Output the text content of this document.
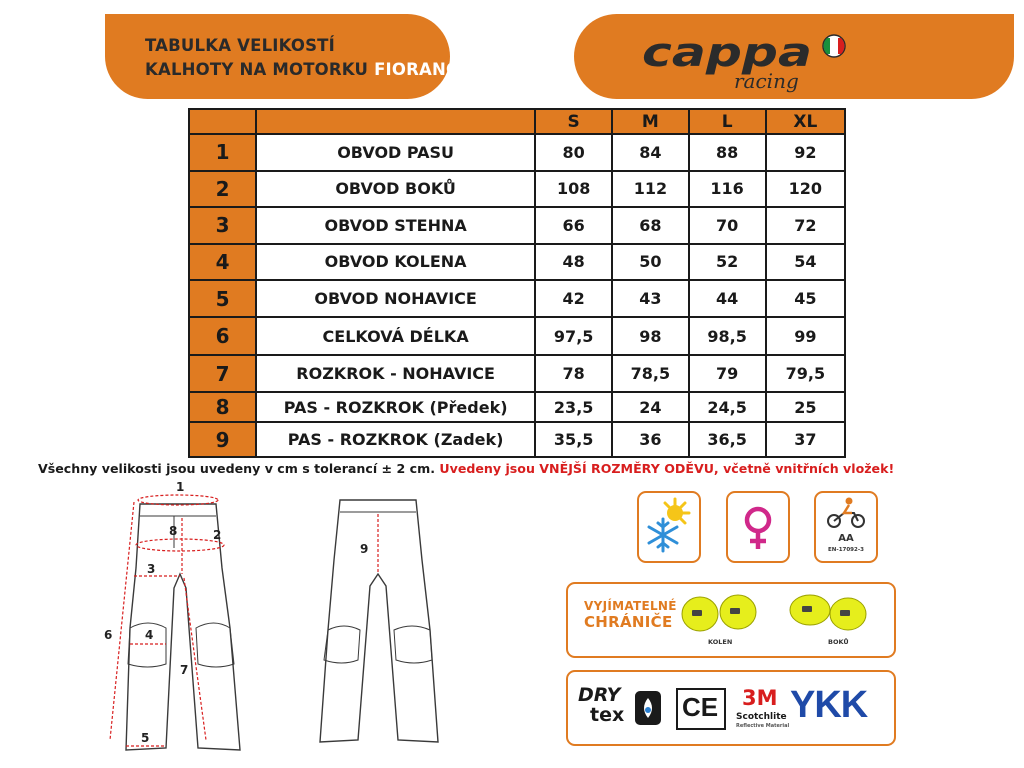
TABULKA VELIKOSTÍ
KALHOTY NA MOTORKU FIORANO	cappa
racing
		S	M	L	XL
1	OBVOD PASU	80	84	88	92
2	OBVOD BOKŮ	108	112	116	120
3	OBVOD STEHNA	66	68	70	72
4	OBVOD KOLENA	48	50	52	54
5	OBVOD NOHAVICE	42	43	44	45
6	CELKOVÁ DÉLKA	97,5	98	98,5	99
7	ROZKROK - NOHAVICE	78	78,5	79	79,5
8	PAS - ROZKROK (Předek)	23,5	24	24,5	25
9	PAS - ROZKROK (Zadek)	35,5	36	36,5	37
Všechny velikosti jsou uvedeny v cm s tolerancí ± 2 cm. Uvedeny jsou VNĚJŠÍ ROZMĚRY ODĚVU, včetně vnitřních vložek!
1
2
3
4
5
6
7
8
9
AA
EN-17092-3
VYJÍMATELNÉ
CHRÁNIČE
KOLEN	BOKŮ
DRY
tex CE 3M
Scotchlite
Reflective Material YKK
